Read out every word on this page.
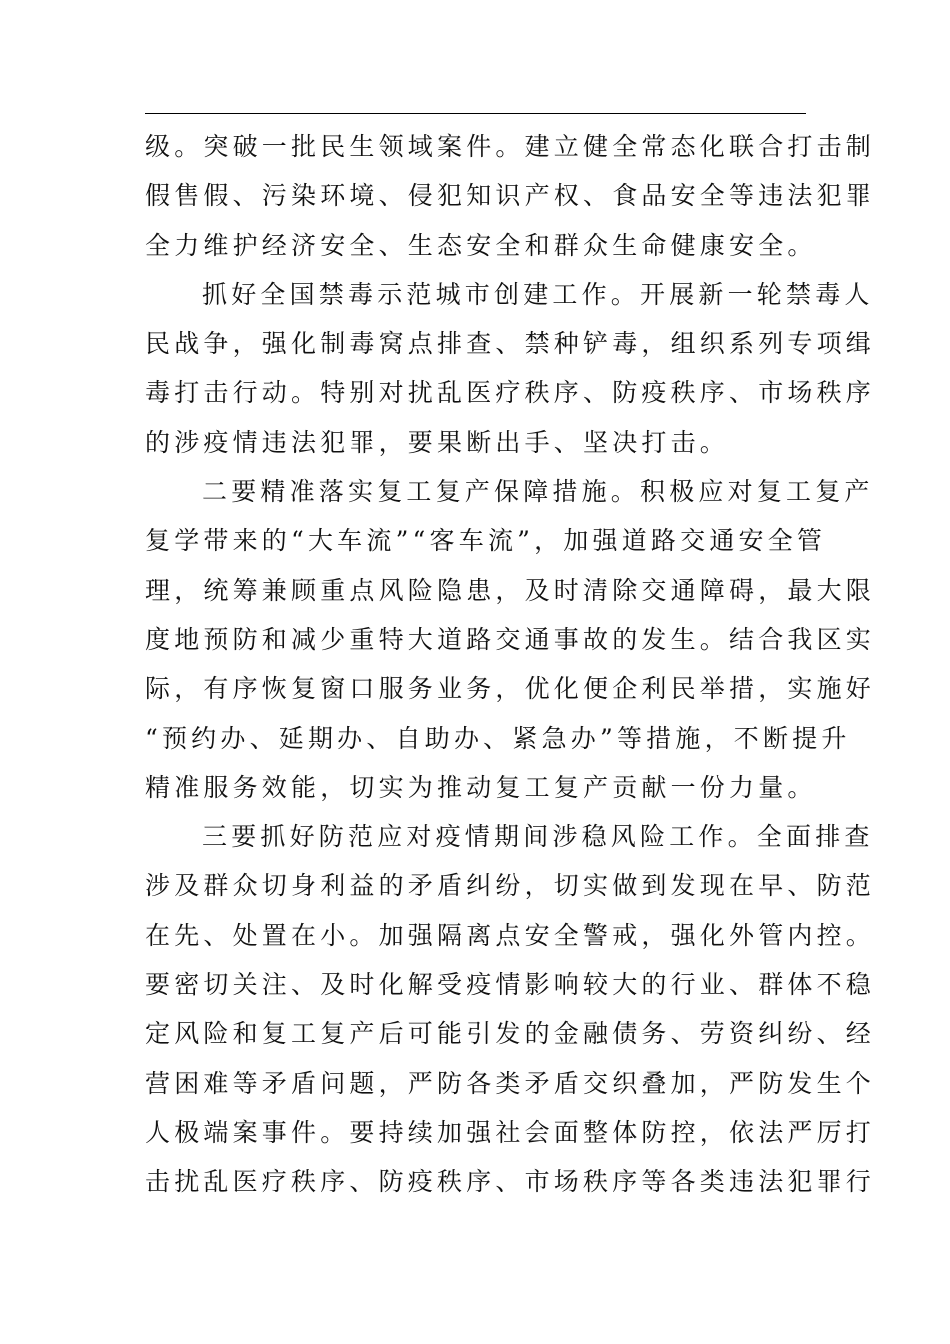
级。突破一批民生领域案件。建立健全常态化联合打击制
假售假、污染环境、侵犯知识产权、食品安全等违法犯罪
全力维护经济安全、生态安全和群众生命健康安全。
抓好全国禁毒示范城市创建工作。开展新一轮禁毒人
民战争，强化制毒窝点排查、禁种铲毒，组织系列专项缉
毒打击行动。特别对扰乱医疗秩序、防疫秩序、市场秩序
的涉疫情违法犯罪，要果断出手、坚决打击。
二要精准落实复工复产保障措施。积极应对复工复产
复学带来的“大车流”“客车流”，加强道路交通安全管
理，统筹兼顾重点风险隐患，及时清除交通障碍，最大限
度地预防和减少重特大道路交通事故的发生。结合我区实
际，有序恢复窗口服务业务，优化便企利民举措，实施好
“预约办、延期办、自助办、紧急办”等措施，不断提升
精准服务效能，切实为推动复工复产贡献一份力量。
三要抓好防范应对疫情期间涉稳风险工作。全面排查
涉及群众切身利益的矛盾纠纷，切实做到发现在早、防范
在先、处置在小。加强隔离点安全警戒，强化外管内控。
要密切关注、及时化解受疫情影响较大的行业、群体不稳
定风险和复工复产后可能引发的金融债务、劳资纠纷、经
营困难等矛盾问题，严防各类矛盾交织叠加，严防发生个
人极端案事件。要持续加强社会面整体防控，依法严厉打
击扰乱医疗秩序、防疫秩序、市场秩序等各类违法犯罪行
